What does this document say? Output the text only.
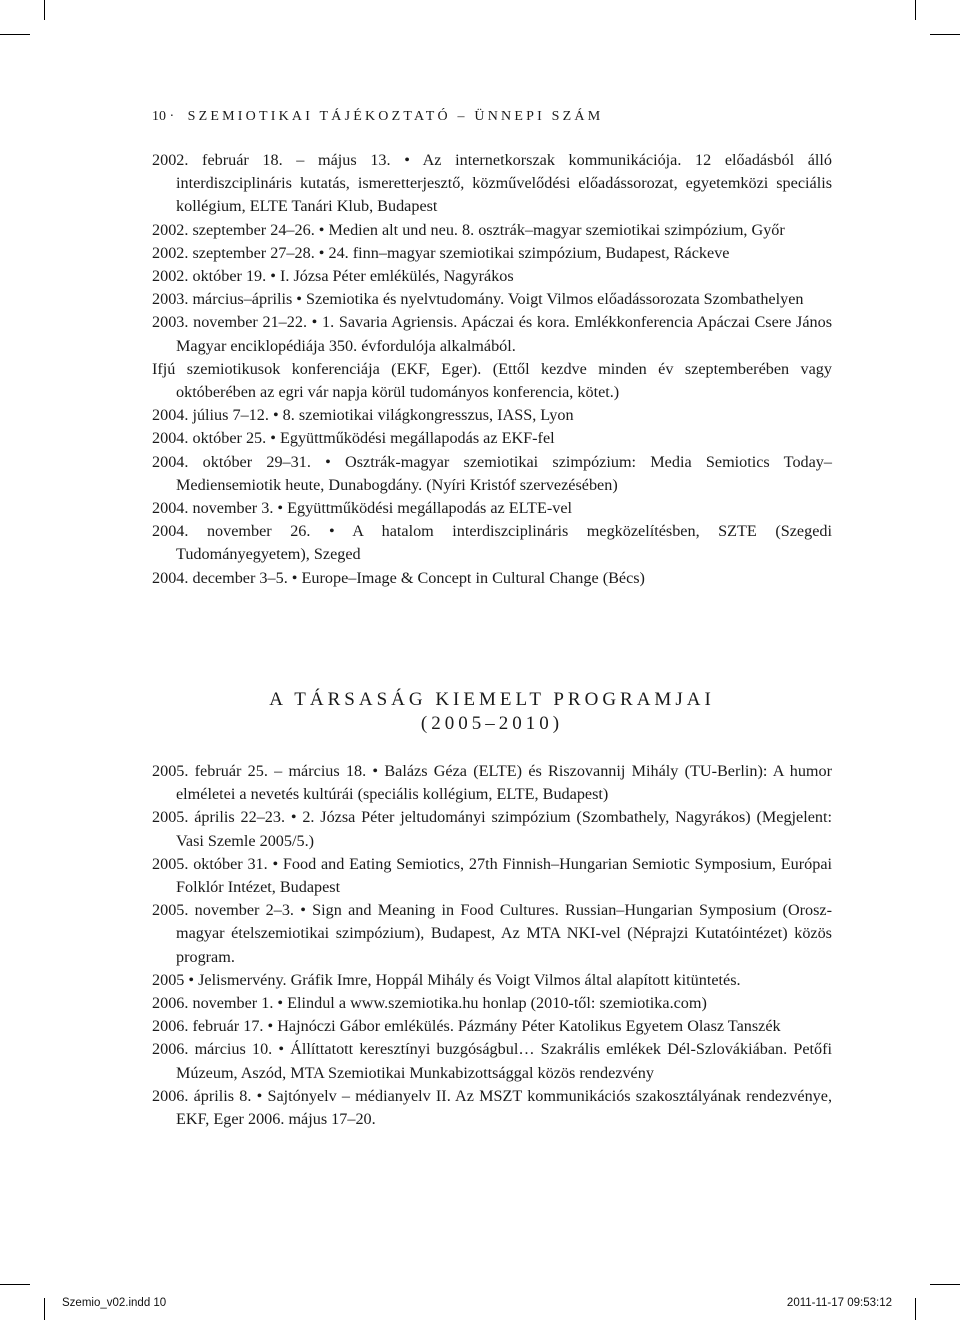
10 · SZEMIOTIKAI TÁJÉKOZTATÓ – ÜNNEPI SZÁM
2002. február 18. – május 13. • Az internetkorszak kommunikációja. 12 előadásból álló interdiszciplináris kutatás, ismeretterjesztő, közművelődési előadássorozat, egyetemközi speciális kollégium, ELTE Tanári Klub, Budapest
2002. szeptember 24–26. • Medien alt und neu. 8. osztrák–magyar szemiotikai szimpózium, Győr
2002. szeptember 27–28. • 24. finn–magyar szemiotikai szimpózium, Budapest, Ráckeve
2002. október 19. • I. Józsa Péter emlékülés, Nagyrákos
2003. március–április • Szemiotika és nyelvtudomány. Voigt Vilmos előadássorozata Szombathelyen
2003. november 21–22. • 1. Savaria Agriensis. Apáczai és kora. Emlékkonferencia Apáczai Csere János Magyar enciklopédiája 350. évfordulója alkalmából.
Ifjú szemiotikusok konferenciája (EKF, Eger). (Ettől kezdve minden év szeptemberében vagy októberében az egri vár napja körül tudományos konferencia, kötet.)
2004. július 7–12. • 8. szemiotikai világkongresszus, IASS, Lyon
2004. október 25. • Együttműködési megállapodás az EKF-fel
2004. október 29–31. • Osztrák-magyar szemiotikai szimpózium: Media Semiotics Today–Mediensemiotik heute, Dunabogdány. (Nyíri Kristóf szervezésében)
2004. november 3. • Együttműködési megállapodás az ELTE-vel
2004. november 26. • A hatalom interdiszciplináris megközelítésben, SZTE (Szegedi Tudományegyetem), Szeged
2004. december 3–5. • Europe–Image & Concept in Cultural Change (Bécs)
A TÁRSASÁG KIEMELT PROGRAMJAI
(2005–2010)
2005. február 25. – március 18. • Balázs Géza (ELTE) és Riszovannij Mihály (TU-Berlin): A humor elméletei a nevetés kultúrái (speciális kollégium, ELTE, Budapest)
2005. április 22–23. • 2. Józsa Péter jeltudományi szimpózium (Szombathely, Nagyrákos) (Megjelent: Vasi Szemle 2005/5.)
2005. október 31. • Food and Eating Semiotics, 27th Finnish–Hungarian Semiotic Symposium, Európai Folklór Intézet, Budapest
2005. november 2–3. • Sign and Meaning in Food Cultures. Russian–Hungarian Symposium (Orosz-magyar ételszemiotikai szimpózium), Budapest, Az MTA NKI-vel (Néprajzi Kutatóintézet) közös program.
2005 • Jelismervény. Gráfik Imre, Hoppál Mihály és Voigt Vilmos által alapított kitüntetés.
2006. november 1. • Elindul a www.szemiotika.hu honlap (2010-től: szemiotika.com)
2006. február 17. • Hajnóczi Gábor emlékülés. Pázmány Péter Katolikus Egyetem Olasz Tanszék
2006. március 10. • Állíttatott keresztínyi buzgóságbul… Szakrális emlékek Dél-Szlovákiában. Petőfi Múzeum, Aszód, MTA Szemiotikai Munkabizottsággal közös rendezvény
2006. április 8. • Sajtónyelv – médianyelv II. Az MSZT kommunikációs szakosztályának rendezvénye, EKF, Eger 2006. május 17–20.
Szemio_v02.indd 10	2011-11-17 09:53:12
